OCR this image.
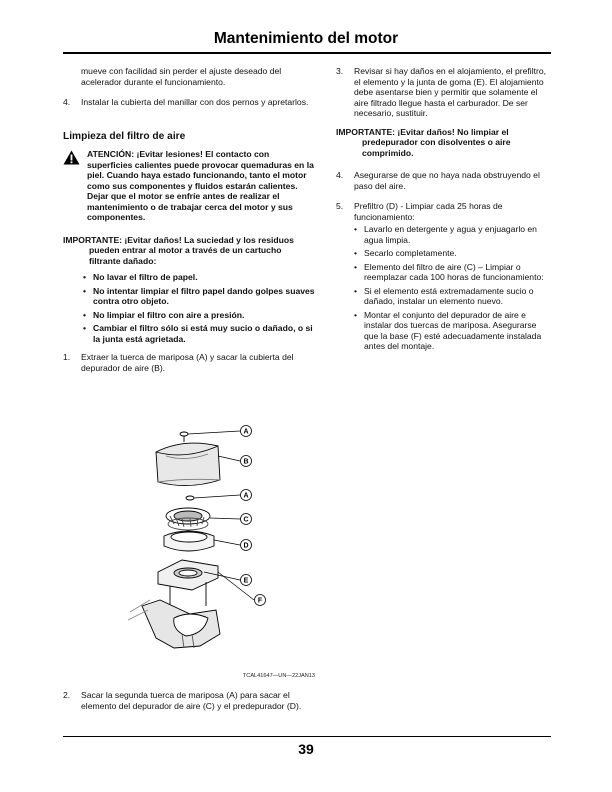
Mantenimiento del motor

mueve con facilidad sin perder el ajuste deseado del acelerador durante el funcionamiento.

4. Instalar la cubierta del manillar con dos pernos y apretarlos.
Limpieza del filtro de aire
ATENCIÓN: ¡Evitar lesiones! El contacto con superficies calientes puede provocar quemaduras en la piel. Cuando haya estado funcionando, tanto el motor como sus componentes y fluidos estarán calientes. Dejar que el motor se enfríe antes de realizar el mantenimiento o de trabajar cerca del motor y sus componentes.

IMPORTANTE: ¡Evitar daños! La suciedad y los residuos pueden entrar al motor a través de un cartucho filtrante dañado:

• No lavar el filtro de papel.
• No intentar limpiar el filtro papel dando golpes suaves contra otro objeto.
• No limpiar el filtro con aire a presión.
• Cambiar el filtro sólo si está muy sucio o dañado, o si la junta está agrietada.
1. Extraer la tuerca de mariposa (A) y sacar la cubierta del depurador de aire (B).
A
B
A
C
D
E
F
TCAL41647—UN—22JAN13
2. Sacar la segunda tuerca de mariposa (A) para sacar el elemento del depurador de aire (C) y el predepurador (D).
3. Revisar si hay daños en el alojamiento, el prefiltro, el elemento y la junta de goma (E). El alojamiento debe asentarse bien y permitir que solamente el aire filtrado llegue hasta el carburador. De ser necesario, sustituir.

IMPORTANTE: ¡Evitar daños! No limpiar el predepurador con disolventes o aire comprimido.

4. Asegurarse de que no haya nada obstruyendo el paso del aire.
5. Prefiltro (D) - Limpiar cada 25 horas de funcionamiento:
• Lavarlo en detergente y agua y enjuagarlo en agua limpia.
• Secarlo completamente.
• Elemento del filtro de aire (C) – Limpiar o reemplazar cada 100 horas de funcionamiento:
• Si el elemento está extremadamente sucio o dañado, instalar un elemento nuevo.
• Montar el conjunto del depurador de aire e instalar dos tuercas de mariposa. Asegurarse que la base (F) esté adecuadamente instalada antes del montaje.
39
